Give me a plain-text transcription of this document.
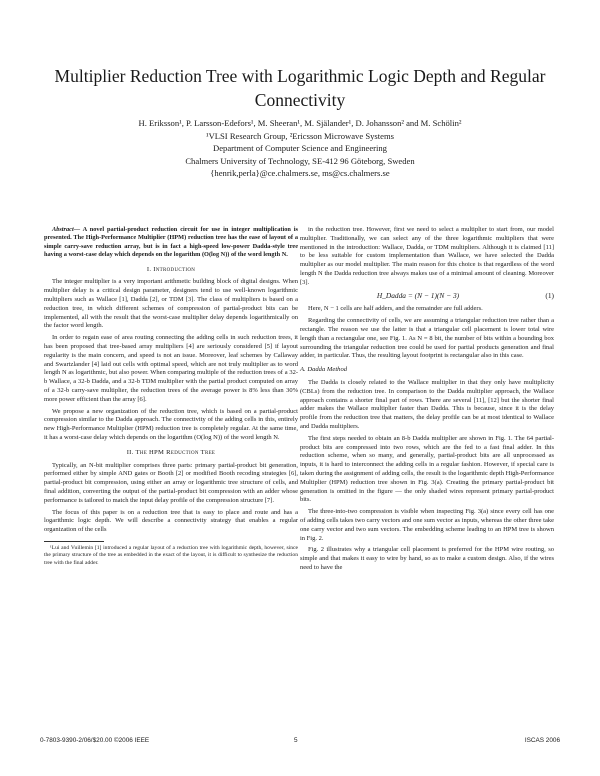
Multiplier Reduction Tree with Logarithmic Logic Depth and Regular Connectivity
H. Eriksson¹, P. Larsson-Edefors¹, M. Sheeran¹, M. Själander¹, D. Johansson² and M. Schölin²
¹VLSI Research Group, ²Ericsson Microwave Systems
Department of Computer Science and Engineering
Chalmers University of Technology, SE-412 96 Göteborg, Sweden
{henrik,perla}@ce.chalmers.se, ms@cs.chalmers.se

Abstract— A novel partial-product reduction circuit for use in integer multiplication is presented. The High-Performance Multiplier (HPM) reduction tree has the ease of layout of a simple carry-save reduction array, but is in fact a high-speed low-power Dadda-style tree having a worst-case delay which depends on the logarithm (O(log N)) of the word length N.

I. Introduction

The integer multiplier is a very important arithmetic building block of digital designs. When multiplier delay is a critical design parameter, designers tend to use well-known logarithmic multipliers such as Wallace [1], Dadda [2], or TDM [3]. The class of multipliers is based on a reduction tree, in which different schemes of compression of partial-product bits can be implemented, all with the result that the worst-case multiplier delay depends logarithmically on the factor word length.

In order to regain ease of area routing connecting the adding cells in such reduction trees, it has been proposed that tree-based array multipliers [4] are seriously considered [5] if layout regularity is the main concern, and speed is not an issue. Moreover, leaf schemes by Callaway and Swartzlander [4] laid out cells with optimal speed, which are not truly multiplier as to word length N as logarithmic, but also power. When comparing multiple of the reduction trees of a 32-b Wallace, a 32-b Dadda, and a 32-b TDM multiplier with the partial product computed on array of a 32-b carry-save multiplier, the reduction trees of the average power is 8% less than 30% more power efficient than the array [6].

We propose a new organization of the reduction tree, which is based on a partial-product compression similar to the Dadda approach. The connectivity of the adding cells in this, entirely new High-Performance Multiplier (HPM) reduction tree is completely regular. At the same time, it has a worst-case delay which depends on the logarithm (O(log N)) of the word length N.

II. The HPM Reduction Tree

Typically, an N-bit multiplier comprises three parts: primary partial-product bit generation, performed either by simple AND gates or Booth [2] or modified Booth recoding strategies [6], partial-product bit compression, using either an array or logarithmic tree structure of cells, and final addition, converting the output of the partial-product bit compression with an adder whose performance is tailored to match the input delay profile of the compression structure [7].

The focus of this paper is on a reduction tree that is easy to place and route and has a logarithmic logic depth. We will describe a connectivity strategy that enables a regular organization of the cells

¹Lui and Vuillemin [1] introduced a regular layout of a reduction tree with logarithmic depth, however, since the primary structure of the tree as embedded in the exact of the layout, it is difficult to synthesize the reduction tree with the final adder.

in the reduction tree. However, first we need to select a multiplier to start from, our model multiplier. Traditionally, we can select any of the three logarithmic multipliers that were mentioned in the introduction: Wallace, Dadda, or TDM multipliers. Although it is claimed [11] to be less suitable for custom implementation than Wallace, we have selected the Dadda multiplier as our model multiplier. The main reason for this choice is that regardless of the word length N the Dadda reduction tree always makes use of a minimal amount of cleaning. Moreover [3].

H_Dadda = (N − 1)(N − 3)	(1)

Here, N − 1 cells are half adders, and the remainder are full adders.

Regarding the connectivity of cells, we are assuming a triangular reduction tree rather than a rectangle. The reason we use the latter is that a triangular cell placement is lower total wire length than a rectangular one, see Fig. 1. As N = 8 bit, the number of bits within a bounding box surrounding the triangular reduction tree could be used for partial products generation and final adder, in particular. Thus, the resulting layout footprint is rectangular also in this case.

A. Dadda Method

The Dadda is closely related to the Wallace multiplier in that they only have multiplicity (CBLs) from the reduction tree. In comparison to the Dadda multiplier approach, the Wallace approach contains a shorter final part of rows. There are several [11], [12] but the shorter final adder makes the Wallace multiplier faster than Dadda. This is because, since it is the delay profile from the reduction tree that matters, the delay profile can be at most identical to Wallace and Dadda multipliers.

The first steps needed to obtain an 8-b Dadda multiplier are shown in Fig. 1. The 64 partial-product bits are compressed into two rows, which are the fed to a fast final adder. In this reduction scheme, when so many, and generally, partial-product bits are all unprocessed as inputs, it is hard to interconnect the adding cells in a regular fashion. However, if special care is taken during the assignment of adding cells, the result is the logarithmic depth High-Performance Multiplier (HPM) reduction tree shown in Fig. 3(a). Creating the primary partial-product bit generation is omitted in the figure — the only shaded wires represent primary partial-product bits.

The three-into-two compression is visible when inspecting Fig. 3(a) since every cell has one of adding cells takes two carry vectors and one sum vector as inputs, whereas the other three take one carry vector and two sum vectors. The embedding scheme leading to an HPM tree is shown in Fig. 2.

Fig. 2 illustrates why a triangular cell placement is preferred for the HPM wire routing, so simple and that makes it easy to wire by hand, so as to make a custom design. Also, if the wires need to have the

0-7803-9390-2/06/$20.00 ©2006 IEEE	5	ISCAS 2006
